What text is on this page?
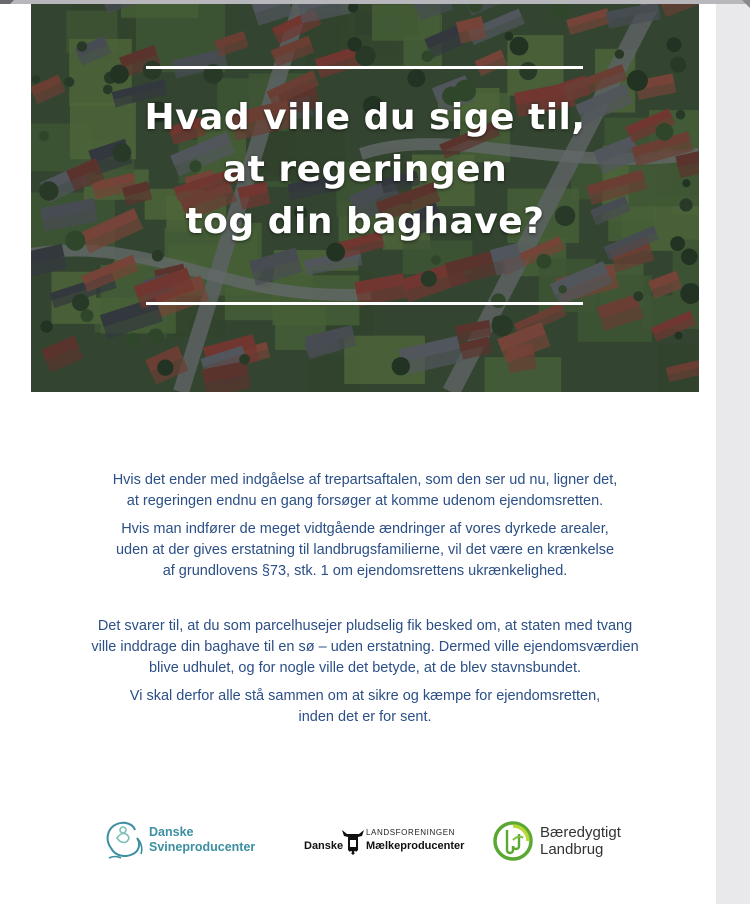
Hvad ville du sige til,
at regeringen
tog din baghave?

Hvis det ender med indgåelse af trepartsaftalen, som den ser ud nu, ligner det,

at regeringen endnu en gang forsøger at komme udenom ejendomsretten.

Hvis man indfører de meget vidtgående ændringer af vores dyrkede arealer,

uden at der gives erstatning til landbrugsfamilierne, vil det være en krænkelse

af grundlovens §73, stk. 1 om ejendomsrettens ukrænkelighed.

Det svarer til, at du som parcelhusejer pludselig fik besked om, at staten med tvang

ville inddrage din baghave til en sø – uden erstatning. Dermed ville ejendomsværdien

blive udhulet, og for nogle ville det betyde, at de blev stavnsbundet.

Vi skal derfor alle stå sammen om at sikre og kæmpe for ejendomsretten,

inden det er for sent.

Danske
Svineproducenter
LANDSFORENINGEN
Danske Mælkeproducenter
Bæredygtigt
Landbrug
